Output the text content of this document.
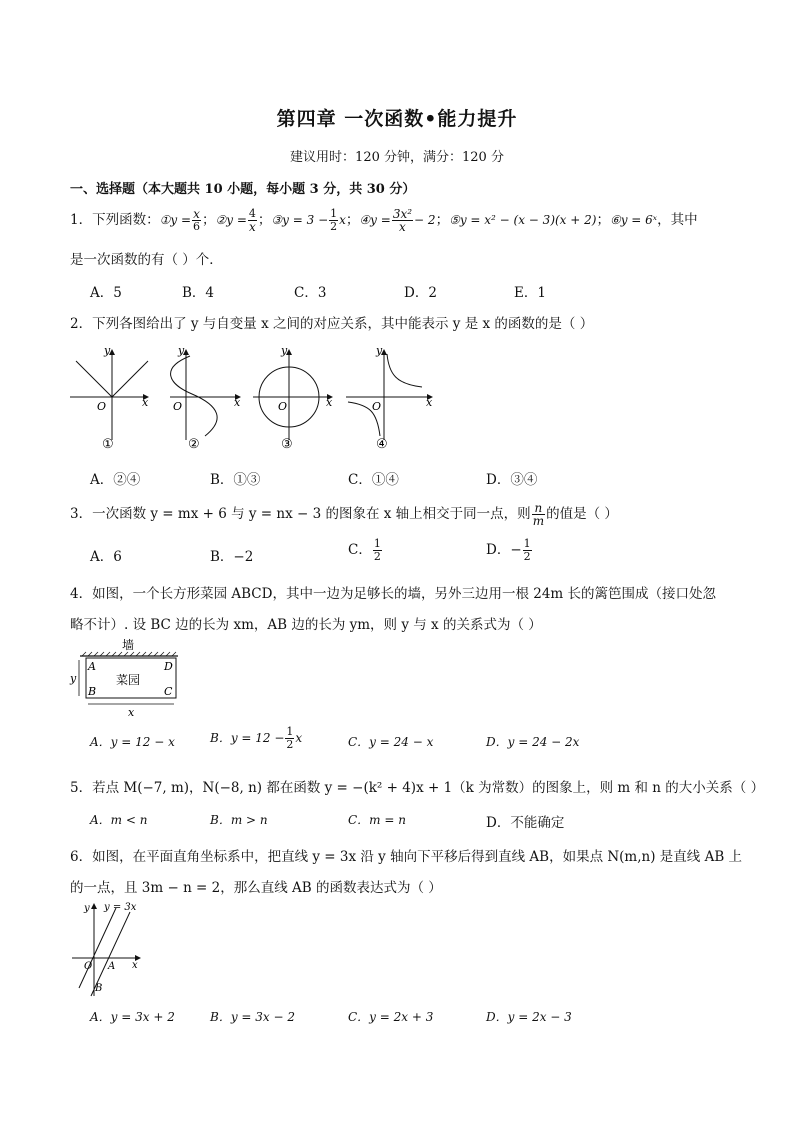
第四章 一次函数•能力提升
建议用时：120 分钟，满分：120 分
一、选择题（本大题共 10 小题，每小题 3 分，共 30 分）
1．下列函数：①y = $\frac{x}{6}$ ；②y = $\frac{4}{x}$ ；③y = $3 - \frac{1}{2}$ x；④y = $\frac{\text{3x²}}{x} - 2$；⑤y = x² − (x − 3)(x + 2)；⑥y = 6ˣ，其中
是一次函数的有（ ）个．
A．5	B．4	C．3	D．2	E．1
2．下列各图给出了 y 与自变量 x 之间的对应关系，其中能表示 y 是 x 的函数的是（ ）
y
x
O
①
y
x
O
②
y
x
O
③
y
x
O
④
A．②④	B．①③	C．①④	D．③④
3．一次函数 y = mx + 6 与 y = nx − 3 的图象在 x 轴上相交于同一点，则 $\frac{n}{m}$ 的值是（ ）
A．6	B．−2	C． $\frac{1}{2}$	D．− $\frac{1}{2}$
4．如图，一个长方形菜园 ABCD，其中一边为足够长的墙，另外三边用一根 24m 长的篱笆围成（接口处忽
略不计）. 设 BC 边的长为 xm，AB 边的长为 ym，则 y 与 x 的关系式为（ ）
墙
A
B	C
D
菜园
y
x
A．y = 12 − x	B．$y = 12 - \frac{1}{2}$ x	C．y = 24 − x	D．y = 24 − 2x
5．若点 M(−7, m)，N(−8, n) 都在函数 y = −(k² + 4)x + 1（k 为常数）的图象上，则 m 和 n 的大小关系（ ）
A．m < n	B．m > n	C．m = n	D．不能确定
6．如图，在平面直角坐标系中，把直线 y = 3x 沿 y 轴向下平移后得到直线 AB，如果点 N(m,n) 是直线 AB 上
的一点，且 3m − n = 2，那么直线 AB 的函数表达式为（ ）
y y = 3x
O A
B
x
A．y = 3x + 2	B．y = 3x − 2	C．y = 2x + 3	D．y = 2x − 3
